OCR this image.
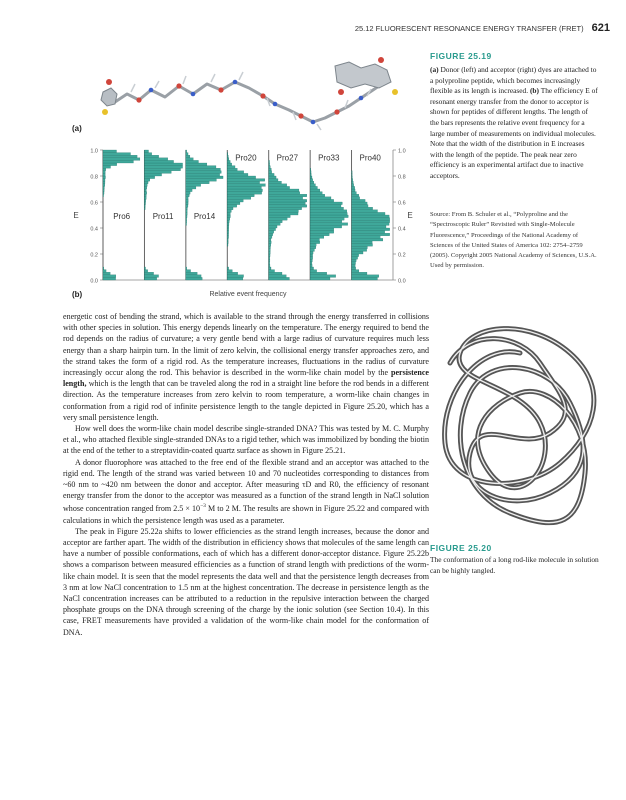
25.12 FLUORESCENT RESONANCE ENERGY TRANSFER (FRET) 621
(a)
0.0
0.2
0.4
0.6
0.8
1.0
0.0
0.2
0.4
0.6
0.8
1.0
Pro6	Pro11	Pro14
Pro20	Pro27	Pro33	Pro40
E	E
Relative event frequency
(b)
FIGURE 25.19
(a) Donor (left) and acceptor (right) dyes are attached to a polyproline peptide, which becomes increasingly flexible as its length is increased. (b) The efficiency E of resonant energy transfer from the donor to acceptor is shown for peptides of different lengths. The length of the bars represents the relative event frequency for a large number of measurements on individual molecules. Note that the width of the distribution in E increases with the length of the peptide. The peak near zero efficiency is an experimental artifact due to inactive acceptors.
Source: From B. Schuler et al., “Polyproline and the “Spectroscopic Ruler” Revisited with Single-Molecule Fluorescence,” Proceedings of the National Academy of Sciences of the United States of America 102: 2754–2759 (2005). Copyright 2005 National Academy of Sciences, U.S.A. Used by permission.
FIGURE 25.20
The conformation of a long rod-like molecule in solution can be highly tangled.

energetic cost of bending the strand, which is available to the strand through the energy transferred in collisions with other species in solution. This energy depends linearly on the temperature. The energy required to bend the rod depends on the radius of curvature; a very gentle bend with a large radius of curvature requires much less energy than a sharp hairpin turn. In the limit of zero kelvin, the collisional energy transfer approaches zero, and the strand takes the form of a rigid rod. As the temperature increases, fluctuations in the radius of curvature increasingly occur along the rod. This behavior is described in the worm-like chain model by the persistence length, which is the length that can be traveled along the rod in a straight line before the rod bends in a different direction. As the temperature increases from zero kelvin to room temperature, a worm-like chain changes in conformation from a rigid rod of infinite persistence length to the tangle depicted in Figure 25.20, which has a very small persistence length.

How well does the worm-like chain model describe single-stranded DNA? This was tested by M. C. Murphy et al., who attached flexible single-stranded DNAs to a rigid tether, which was immobilized by bonding the biotin at the end of the tether to a streptavidin-coated quartz surface as shown in Figure 25.21.

A donor fluorophore was attached to the free end of the flexible strand and an acceptor was attached to the rigid end. The length of the strand was varied between 10 and 70 nucleotides corresponding to distances from ~60 nm to ~420 nm between the donor and acceptor. After measuring τD and R0, the efficiency of resonant energy transfer from the donor to the acceptor was measured as a function of the strand length in NaCl solution whose concentration ranged from $2.5 \times 10^{-3}$ M to 2 M. The results are shown in Figure 25.22 and compared with calculations in which the persistence length was used as a parameter.

The peak in Figure 25.22a shifts to lower efficiencies as the strand length increases, because the donor and acceptor are farther apart. The width of the distribution in efficiency shows that molecules of the same length can have a number of possible conformations, each of which has a different donor-acceptor distance. Figure 25.22b shows a comparison between measured efficiencies as a function of strand length with predictions of the worm-like chain model. It is seen that the model represents the data well and that the persistence length decreases from 3 nm at low NaCl concentration to 1.5 nm at the highest concentration. The decrease in persistence length as the NaCl concentration increases can be attributed to a reduction in the repulsive interaction between the charged phosphate groups on the DNA through screening of the charge by the ionic solution (see Section 10.4). In this case, FRET measurements have provided a validation of the worm-like chain model for the conformation of DNA.
